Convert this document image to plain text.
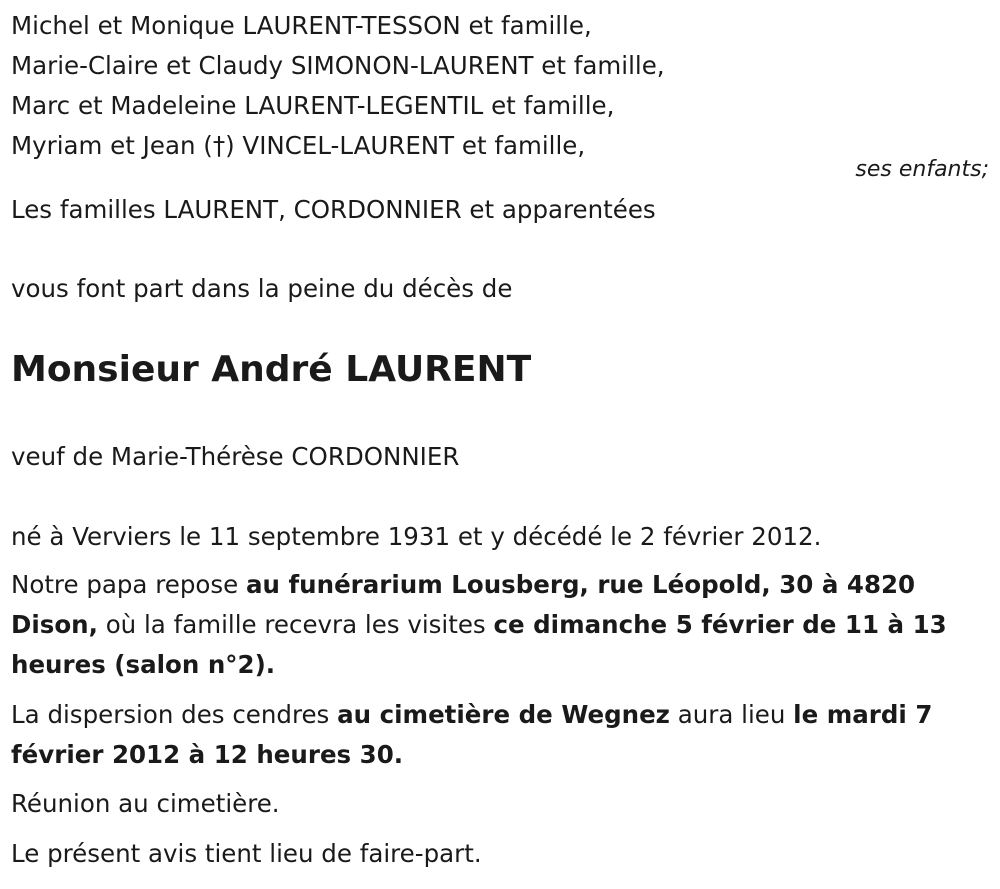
Michel et Monique LAURENT-TESSON et famille,
Marie-Claire et Claudy SIMONON-LAURENT et famille,
Marc et Madeleine LAURENT-LEGENTIL et famille,
Myriam et Jean (†) VINCEL-LAURENT et famille,
Les familles LAURENT, CORDONNIER et apparentées
vous font part dans la peine du décès de
Monsieur André LAURENT
veuf de Marie-Thérèse CORDONNIER
né à Verviers le 11 septembre 1931 et y décédé le 2 février 2012.
Notre papa repose au funérarium Lousberg, rue Léopold, 30 à 4820 Dison, où la famille recevra les visites ce dimanche 5 février de 11 à 13 heures (salon n°2).
La dispersion des cendres au cimetière de Wegnez aura lieu le mardi 7 février 2012 à 12 heures 30.
Réunion au cimetière.
Le présent avis tient lieu de faire-part.
ses enfants;
